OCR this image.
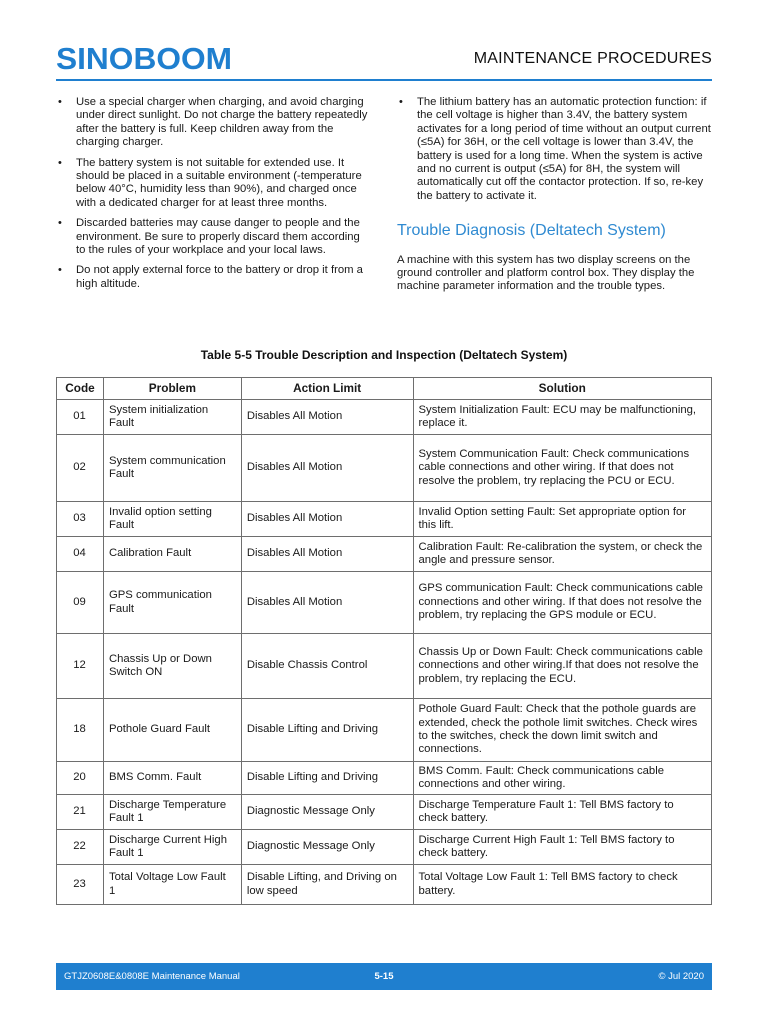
SINOBOOM	MAINTENANCE PROCEDURES
• Use a special charger when charging, and avoid charging under direct sunlight. Do not charge the battery repeatedly after the battery is full. Keep children away from the charging charger.
• The battery system is not suitable for extended use. It should be placed in a suitable environment (-temperature below 40°C, humidity less than 90%), and charged once with a dedicated charger for at least three months.
• Discarded batteries may cause danger to people and the environment. Be sure to properly discard them according to the rules of your workplace and your local laws.
• Do not apply external force to the battery or drop it from a high altitude.
• The lithium battery has an automatic protection function: if the cell voltage is higher than 3.4V, the battery system activates for a long period of time without an output current (≤5A) for 36H, or the cell voltage is lower than 3.4V, the battery is used for a long time. When the system is active and no current is output (≤5A) for 8H, the system will automatically cut off the contactor protection. If so, re-key the battery to activate it.
Trouble Diagnosis (Deltatech System)

A machine with this system has two display screens on the ground controller and platform control box. They display the machine parameter information and the trouble types.

Table 5-5 Trouble Description and Inspection (Deltatech System)
Code	Problem	Action Limit	Solution
01	System initialization Fault	Disables All Motion	System Initialization Fault: ECU may be malfunctioning, replace it.
02	System communication Fault	Disables All Motion	System Communication Fault: Check communications cable connections and other wiring. If that does not resolve the problem, try replacing the PCU or ECU.
03	Invalid option setting Fault	Disables All Motion	Invalid Option setting Fault: Set appropriate option for this lift.
04	Calibration Fault	Disables All Motion	Calibration Fault: Re-calibration the system, or check the angle and pressure sensor.
09	GPS communication Fault	Disables All Motion	GPS communication Fault: Check communications cable connections and other wiring. If that does not resolve the problem, try replacing the GPS module or ECU.
12	Chassis Up or Down Switch ON	Disable Chassis Control	Chassis Up or Down Fault: Check communications cable connections and other wiring.If that does not resolve the problem, try replacing the ECU.
18	Pothole Guard Fault	Disable Lifting and Driving	Pothole Guard Fault: Check that the pothole guards are extended, check the pothole limit switches. Check wires to the switches, check the down limit switch and connections.
20	BMS Comm. Fault	Disable Lifting and Driving	BMS Comm. Fault: Check communications cable connections and other wiring.
21	Discharge Temperature Fault 1	Diagnostic Message Only	Discharge Temperature Fault 1: Tell BMS factory to check battery.
22	Discharge Current High Fault 1	Diagnostic Message Only	Discharge Current High Fault 1: Tell BMS factory to check battery.
23	Total Voltage Low Fault 1	Disable Lifting, and Driving on low speed	Total Voltage Low Fault 1: Tell BMS factory to check battery.
GTJZ0608E&0808E Maintenance Manual	5-15	© Jul 2020
